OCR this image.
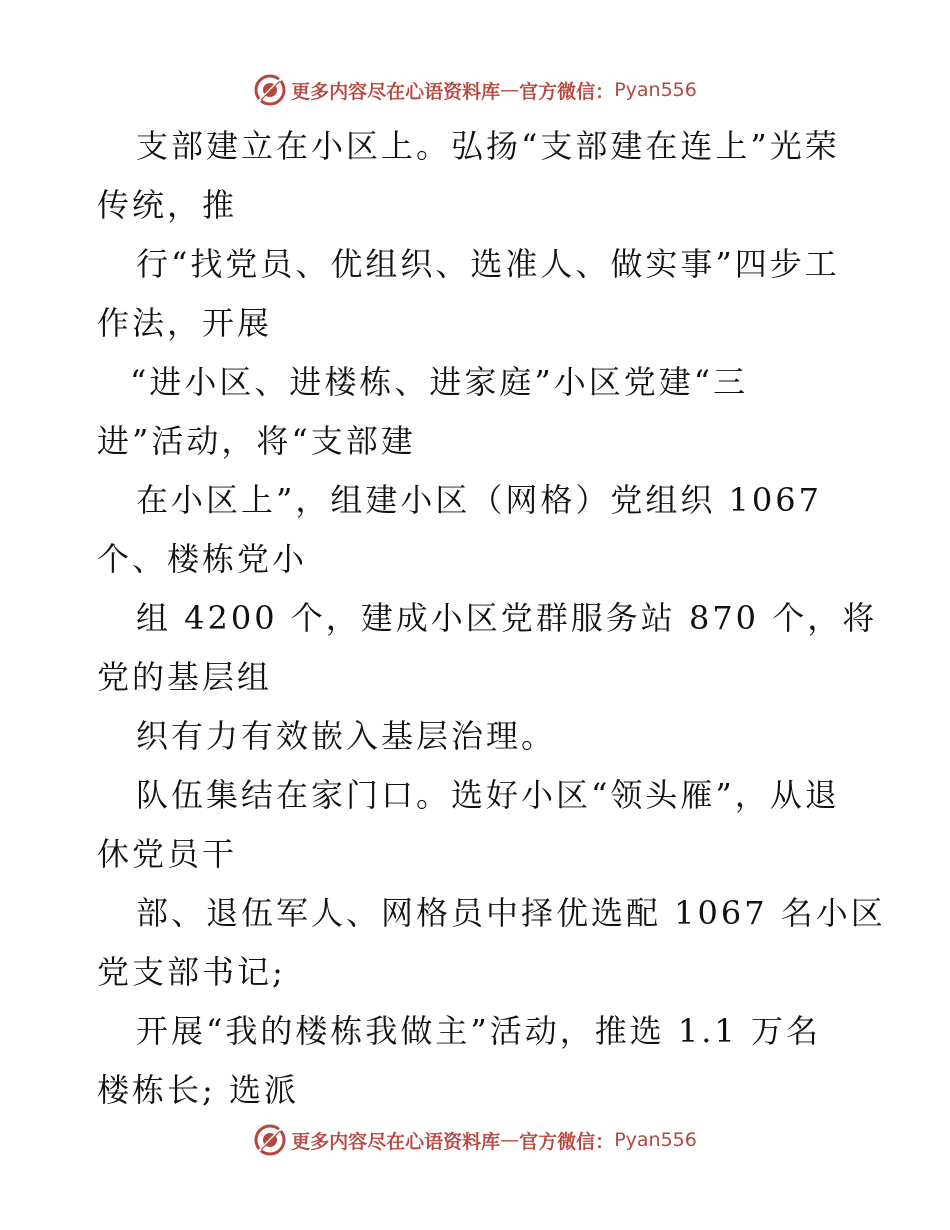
更多内容尽在心语资料库 — 官方微信： Pyan556
支部建立在小区上。弘扬“支部建在连上”光荣
传统，推
行“找党员、优组织、选准人、做实事”四步工
作法，开展
“进小区、进楼栋、进家庭”小区党建“三
进”活动，将“支部建
在小区上”，组建小区（网格）党组织 1067
个、楼栋党小
组 4200 个，建成小区党群服务站 870 个，将
党的基层组
织有力有效嵌入基层治理。
队伍集结在家门口。选好小区“领头雁”，从退
休党员干
部、退伍军人、网格员中择优选配 1067 名小区
党支部书记;
开展“我的楼栋我做主”活动，推选 1.1 万名
楼栋长; 选派
更多内容尽在心语资料库 — 官方微信： Pyan556
